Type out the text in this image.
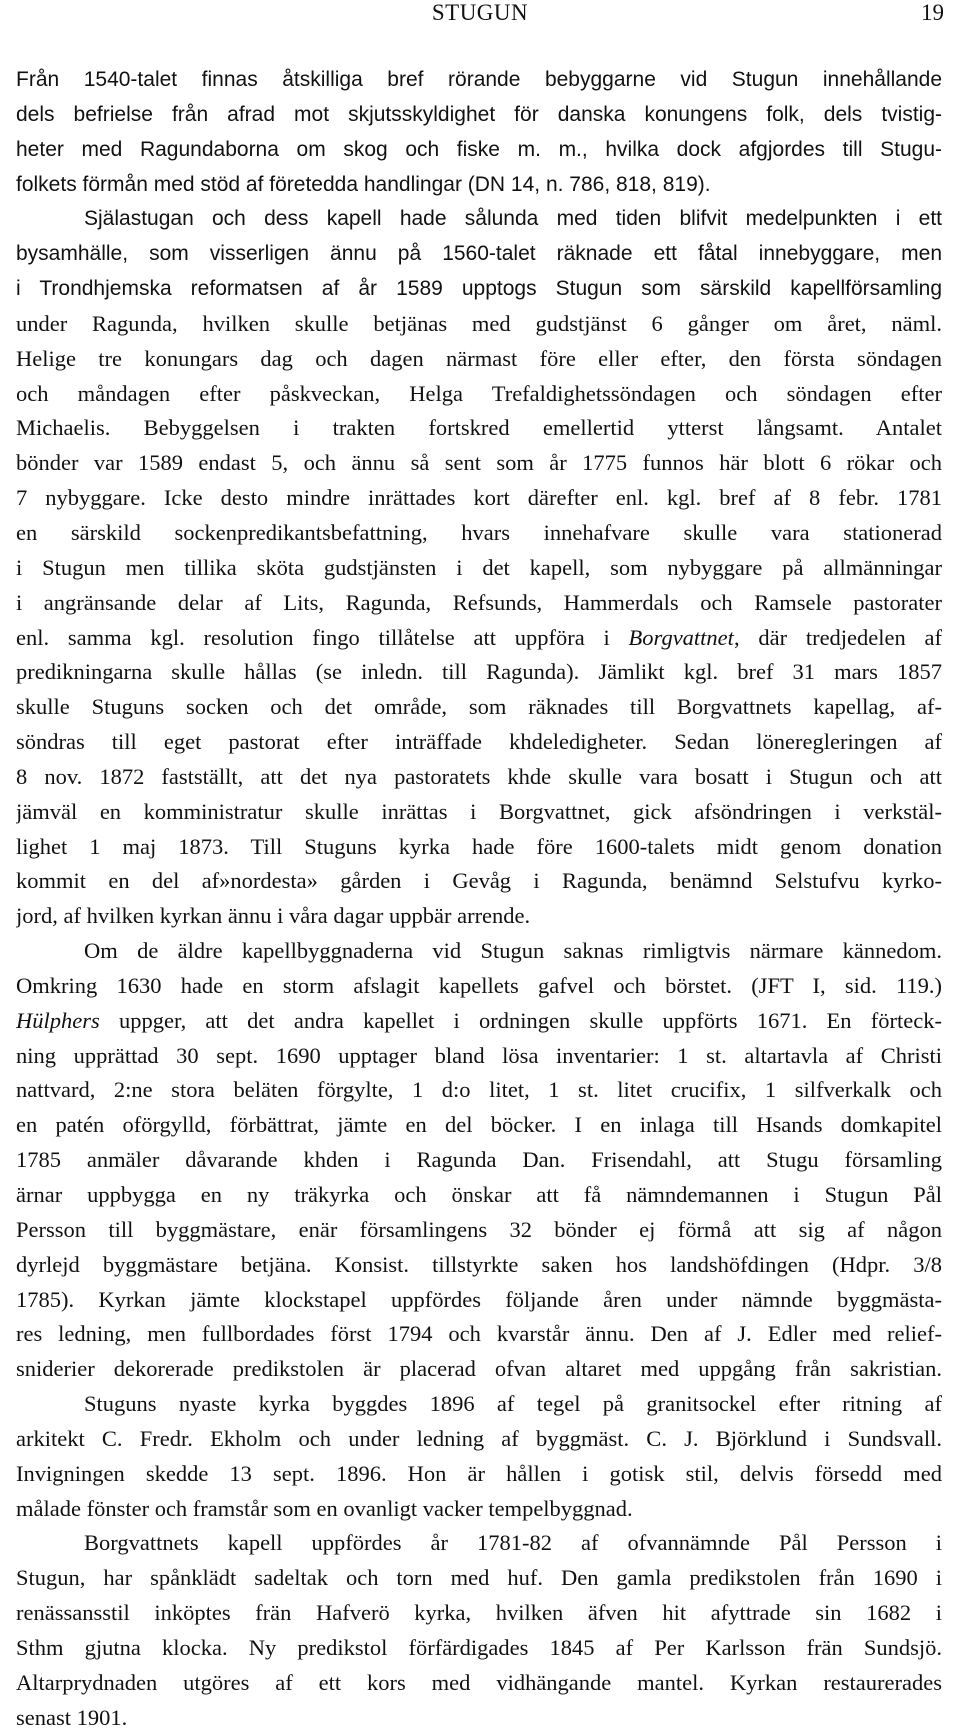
STUGUN	19
Från 1540-talet finnas åtskilliga bref rörande bebyggarne vid Stugun innehållande
dels befrielse från afrad mot skjutsskyldighet för danska konungens folk, dels tvistig-
heter med Ragundaborna om skog och fiske m. m., hvilka dock afgjordes till Stugu-
folkets förmån med stöd af företedda handlingar (DN 14, n. 786, 818, 819).
Själastugan och dess kapell hade sålunda med tiden blifvit medelpunkten i ett
bysamhälle, som visserligen ännu på 1560-talet räknade ett fåtal innebyggare, men
i Trondhjemska reformatsen af år 1589 upptogs Stugun som särskild kapellförsamling
under Ragunda, hvilken skulle betjänas med gudstjänst 6 gånger om året, näml.
Helige tre konungars dag och dagen närmast före eller efter, den första söndagen
och måndagen efter påskveckan, Helga Trefaldighetssöndagen och söndagen efter
Michaelis. Bebyggelsen i trakten fortskred emellertid ytterst långsamt. Antalet
bönder var 1589 endast 5, och ännu så sent som år 1775 funnos här blott 6 rökar och
7 nybyggare. Icke desto mindre inrättades kort därefter enl. kgl. bref af 8 febr. 1781
en särskild sockenpredikantsbefattning, hvars innehafvare skulle vara stationerad
i Stugun men tillika sköta gudstjänsten i det kapell, som nybyggare på allmänningar
i angränsande delar af Lits, Ragunda, Refsunds, Hammerdals och Ramsele pastorater
enl. samma kgl. resolution fingo tillåtelse att uppföra i Borgvattnet, där tredjedelen af
predikningarna skulle hållas (se inledn. till Ragunda). Jämlikt kgl. bref 31 mars 1857
skulle Stuguns socken och det område, som räknades till Borgvattnets kapellag, af-
söndras till eget pastorat efter inträffade khdeledigheter. Sedan löneregleringen af
8 nov. 1872 fastställt, att det nya pastoratets khde skulle vara bosatt i Stugun och att
jämväl en komministratur skulle inrättas i Borgvattnet, gick afsöndringen i verkstäl-
lighet 1 maj 1873. Till Stuguns kyrka hade före 1600-talets midt genom donation
kommit en del af»nordesta» gården i Gevåg i Ragunda, benämnd Selstufvu kyrko-
jord, af hvilken kyrkan ännu i våra dagar uppbär arrende.
Om de äldre kapellbyggnaderna vid Stugun saknas rimligtvis närmare kännedom.
Omkring 1630 hade en storm afslagit kapellets gafvel och börstet. (JFT I, sid. 119.)
Hülphers uppger, att det andra kapellet i ordningen skulle uppförts 1671. En förteck-
ning upprättad 30 sept. 1690 upptager bland lösa inventarier: 1 st. altartavla af Christi
nattvard, 2:ne stora beläten förgylte, 1 d:o litet, 1 st. litet crucifix, 1 silfverkalk och
en patén oförgylld, förbättrat, jämte en del böcker. I en inlaga till Hsands domkapitel
1785 anmäler dåvarande khden i Ragunda Dan. Frisendahl, att Stugu församling
ärnar uppbygga en ny träkyrka och önskar att få nämndemannen i Stugun Pål
Persson till byggmästare, enär församlingens 32 bönder ej förmå att sig af någon
dyrlejd byggmästare betjäna. Konsist. tillstyrkte saken hos landshöfdingen (Hdpr. 3/8
1785). Kyrkan jämte klockstapel uppfördes följande åren under nämnde byggmästa-
res ledning, men fullbordades först 1794 och kvarstår ännu. Den af J. Edler med relief-
sniderier dekorerade predikstolen är placerad ofvan altaret med uppgång från sakristian.
Stuguns nyaste kyrka byggdes 1896 af tegel på granitsockel efter ritning af
arkitekt C. Fredr. Ekholm och under ledning af byggmäst. C. J. Björklund i Sundsvall.
Invigningen skedde 13 sept. 1896. Hon är hållen i gotisk stil, delvis försedd med
målade fönster och framstår som en ovanligt vacker tempelbyggnad.
Borgvattnets kapell uppfördes år 1781-82 af ofvannämnde Pål Persson i
Stugun, har spånklädt sadeltak och torn med huf. Den gamla predikstolen från 1690 i
renässansstil inköptes frän Hafverö kyrka, hvilken äfven hit afyttrade sin 1682 i
Sthm gjutna klocka. Ny predikstol förfärdigades 1845 af Per Karlsson frän Sundsjö.
Altarprydnaden utgöres af ett kors med vidhängande mantel. Kyrkan restaurerades
senast 1901.
